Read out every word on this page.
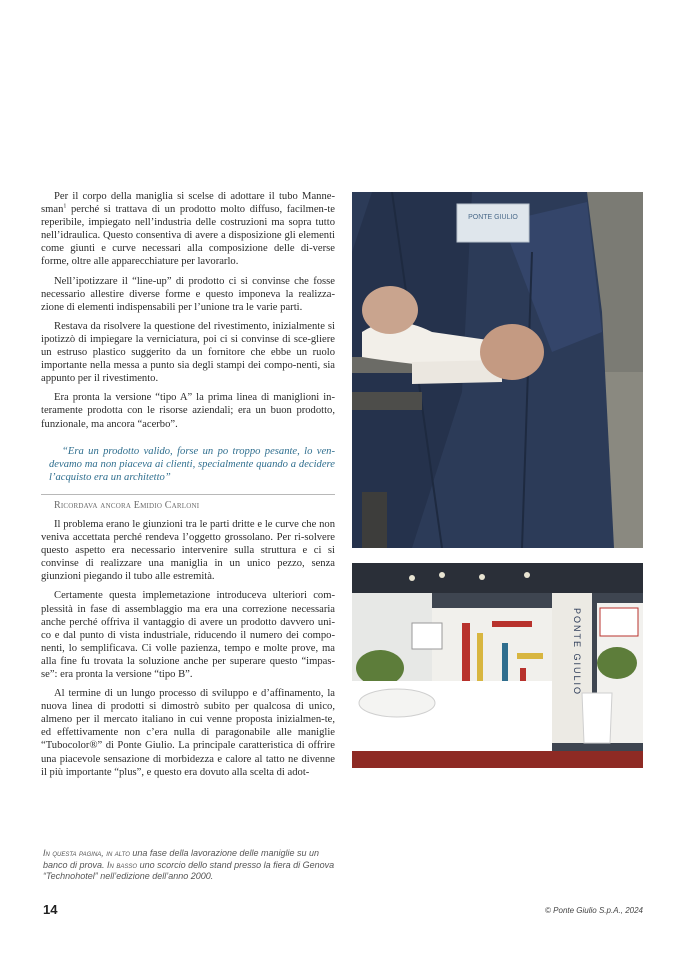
Per il corpo della maniglia si scelse di adottare il tubo Manne-sman$^1$ perché si trattava di un prodotto molto diffuso, facilmen-te reperibile, impiegato nell’industria delle costruzioni ma sopra tutto nell’idraulica. Questo consentiva di avere a disposizione gli elementi come giunti e curve necessari alla composizione delle di-verse forme, oltre alle apparecchiature per lavorarlo.

Nell’ipotizzare il “line-up” di prodotto ci si convinse che fosse necessario allestire diverse forme e questo imponeva la realizza-zione di elementi indispensabili per l’unione tra le varie parti.

Restava da risolvere la questione del rivestimento, inizialmente si ipotizzò di impiegare la verniciatura, poi ci si convinse di sce-gliere un estruso plastico suggerito da un fornitore che ebbe un ruolo importante nella messa a punto sia degli stampi dei compo-nenti, sia appunto per il rivestimento.

Era pronta la versione “tipo A” la prima linea di maniglioni in-teramente prodotta con le risorse aziendali; era un buon prodotto, funzionale, ma ancora “acerbo”.

“Era un prodotto valido, forse un po troppo pesante, lo ven-devamo ma non piaceva ai clienti, specialmente quando a decidere l’acquisto era un architetto”

Ricordava ancora Emidio Carloni

Il problema erano le giunzioni tra le parti dritte e le curve che non veniva accettata perché rendeva l’oggetto grossolano. Per ri-solvere questo aspetto era necessario intervenire sulla struttura e ci si convinse di realizzare una maniglia in un unico pezzo, senza giunzioni piegando il tubo alle estremità.

Certamente questa implemetazione introduceva ulteriori com-plessità in fase di assemblaggio ma era una correzione necessaria anche perché offriva il vantaggio di avere un prodotto davvero uni-co e dal punto di vista industriale, riducendo il numero dei compo-nenti, lo semplificava. Ci volle pazienza, tempo e molte prove, ma alla fine fu trovata la soluzione anche per superare questo “impas-se”: era pronta la versione “tipo B”.

Al termine di un lungo processo di sviluppo e d’affinamento, la nuova linea di prodotti si dimostrò subito per qualcosa di unico, almeno per il mercato italiano in cui venne proposta inizialmen-te, ed effettivamente non c’era nulla di paragonabile alle maniglie “Tubocolor®” di Ponte Giulio. La principale caratteristica di offrire una piacevole sensazione di morbidezza e calore al tatto ne divenne il più importante “plus”, e questo era dovuto alla scelta di adot-

PONTE GIULIO
PONTE GIULIO
In questa pagina, in alto una fase della lavorazione delle maniglie su un banco di prova. In basso uno scorcio dello stand presso la fiera di Genova “Technohotel” nell’edizione dell’anno 2000.
14	© Ponte Giulio S.p.A., 2024
